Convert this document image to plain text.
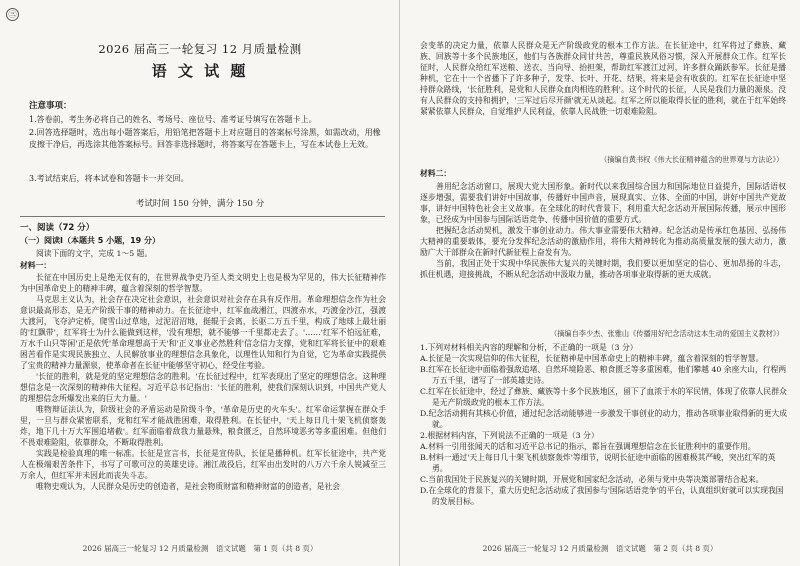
㊂
2026 届高三一轮复习 12 月质量检测
语 文 试 题
注意事项：
1.答卷前，考生务必将自己的姓名、考场号、座位号、准考证号填写在答题卡上。
2.回答选择题时，选出每小题答案后，用铅笔把答题卡上对应题目的答案标号涂黑，如需改动，用橡皮擦干净后，再选涂其他答案标号。回答非选择题时，将答案写在答题卡上，写在本试卷上无效。
3.考试结束后，将本试卷和答题卡一并交回。
考试时间 150 分钟，满分 150 分
一、阅读（72 分）
（一）阅读Ⅰ（本题共 5 小题，19 分）
阅读下面的文字，完成 1～5 题。
材料一：

长征在中国历史上是绝无仅有的，在世界战争史乃至人类文明史上也是极为罕见的，伟大长征精神作为中国革命史上的精神丰碑，蕴含着深刻的哲学智慧。

马克思主义认为，社会存在决定社会意识，社会意识对社会存在具有反作用。革命理想信念作为社会意识最高形态，是无产阶级干事的精神动力。在长征途中，红军血战湘江，四渡赤水，巧渡金沙江，强渡大渡河，飞夺泸定桥，爬雪山过草地，过泥沼沼地，挺辊于会离，长驱二万五千里，构成了地球上最壮丽的'红飘带'，红军将士为什么能做到这样，'没有理想，就不能够一千里都走去了。'……'红军不怕远征难，万水千山只等闲'正是依凭'革命理想高于天'和'正义事业必然胜利'信念信力支撑，党和红军将长征中的艰难困苦看作是实现民族独立、人民解放事业的理想信念具象化，以理性认知和行为自觉，它为革命实践提供了宝贵的精神力量源泉，使革命者在长征中能够坚守初心，经受住考验。

'长征的胜利，就是党的坚定理想信念的胜利。'在长征过程中，红军表现出了坚定的理想信念。这种理想信念是一次深刻的精神伟大征程。习近平总书记指出：'长征的胜利，使我们深刻认识到，中国共产党人的理想信念所爆发出来的巨大力量。'

唯物辩证法认为，阶级社会的矛盾运动是阶级斗争，'革命是历史的火车头'。红军命运掌握在群众手里，一旦与群众紧密联系，党和红军才能战胜困难，取得胜利。在长征中，'天上每日几十架飞机侦察轰炸，地下几十万大军围追堵截'。红军面临着敌我力量悬殊，粮食匮乏，自然环境恶劣等多重困难。但他们不畏艰难险阻，依靠群众，不断取得胜利。

实践是检验真理的唯一标准。长征是宣言书，长征是宣传队，长征是播种机。红军长征途中，共产党人在极端艰苦条件下，书写了可歌可泣的英雄史诗。湘江战役后，红军由出发时的八万六千余人锐减至三万余人，但红军并未因此而丧失斗志。

唯物史观认为，人民群众是历史的创造者，是社会物质财富和精神财富的创造者，是社会

2026 届高三一轮复习 12 月质量检测　语文试题　第 1 页（共 8 页）

会变革的决定力量，依靠人民群众是无产阶级政党的根本工作方法。在长征途中，红军将过了彝族、藏族、回族等十多个民族地区，他们与各族群众同甘共苦，尊重民族风俗习惯，深入开展群众工作。红军长征时，人民群众给红军送粮、送衣、当向导、抬担架，帮助红军渡江过河，许多群众踊跃参军。长征是播种机，它在十一个省播下了许多种子，发芽、长叶、开花、结果，将来是会有收获的。红军在长征途中坚持群众路线，'长征胜利，是党和人民群众血肉相连的胜利'。这个时代的长征，人民是我们力量的源泉。没有人民群众的支持和拥护，'三军过后尽开颜'就无从谈起。红军之所以能取得长征的胜利，就在于红军始终紧紧依靠人民群众，自觉维护人民利益，依靠人民战胜一切艰难险阻。

（摘编自黄书权《伟大长征精神蕴含的世界观与方法论》）
材料二：

善用纪念活动窗口，展现大党大国形象。新时代以来我国综合国力和国际地位日益提升，国际话语权逐步增强，需要我们讲好中国故事，传播好中国声音，展现真实、立体、全面的中国，讲好中国共产党故事，讲好中国特色社会主义故事。在全球化的时代背景下，利用重大纪念活动开展国际传播，展示中国形象，已经成为中国参与国际话语竞争、传播中国价值的重要方式。

把握纪念活动契机，激发干事创业动力。伟大事业需要伟大精神。纪念活动是传承红色基因、弘扬伟大精神的重要载体，要充分发挥纪念活动的激励作用，将伟大精神转化为推动高质量发展的强大动力，激励广大干部群众在新时代新征程上奋发有为。

当前，我国正处于实现中华民族伟大复兴的关键时期，我们要以更加坚定的信心、更加昂扬的斗志，抓住机遇，迎接挑战，不断从纪念活动中汲取力量，推动各项事业取得新的更大成就。

（摘编自李少杰、张雅山《传播用好纪念活动这本生动的爱国主义教材》）

1.下列对材料相关内容的理解和分析，不正确的一项是（3 分）

A.长征是一次实现信仰的伟大征程，长征精神是中国革命史上的精神丰碑，蕴含着深刻的哲学智慧。

B.红军在长征途中面临着强敌追堵、自然环境险恶、粮食匮乏等多重困难，他们攀越 40 余座大山，行程两万五千里，谱写了一部英雄史诗。

C.红军在长征途中，经过了彝族、藏族等十多个民族地区，留下了血浓于水的军民情，体现了依靠人民群众是无产阶级政党的根本工作方法。

D.纪念活动拥有其核心价值，通过纪念活动能够进一步激发干事创业的动力，推动各项事业取得新的更大成就。

2.根据材料内容，下列说法不正确的一项是（3 分）

A.材料一引用张闻天的话和习近平总书记的指示，都旨在强调理想信念在长征胜利中的重要作用。

B.材料一通过'天上每日几十架飞机侦察轰炸'等细节，说明长征途中面临的困难极其严峻，突出红军的英勇。

C.当前我国处于民族复兴的关键时期，开展党和国家纪念活动，必须与党中央等决策部署结合起来。

D.在全球化的背景下，重大历史纪念活动成了我国参与'国际话语竞争'的平台，认真组织好就可以实现我国的发展目标。

2026 届高三一轮复习 12 月质量检测　语文试题　第 2 页（共 8 页）
